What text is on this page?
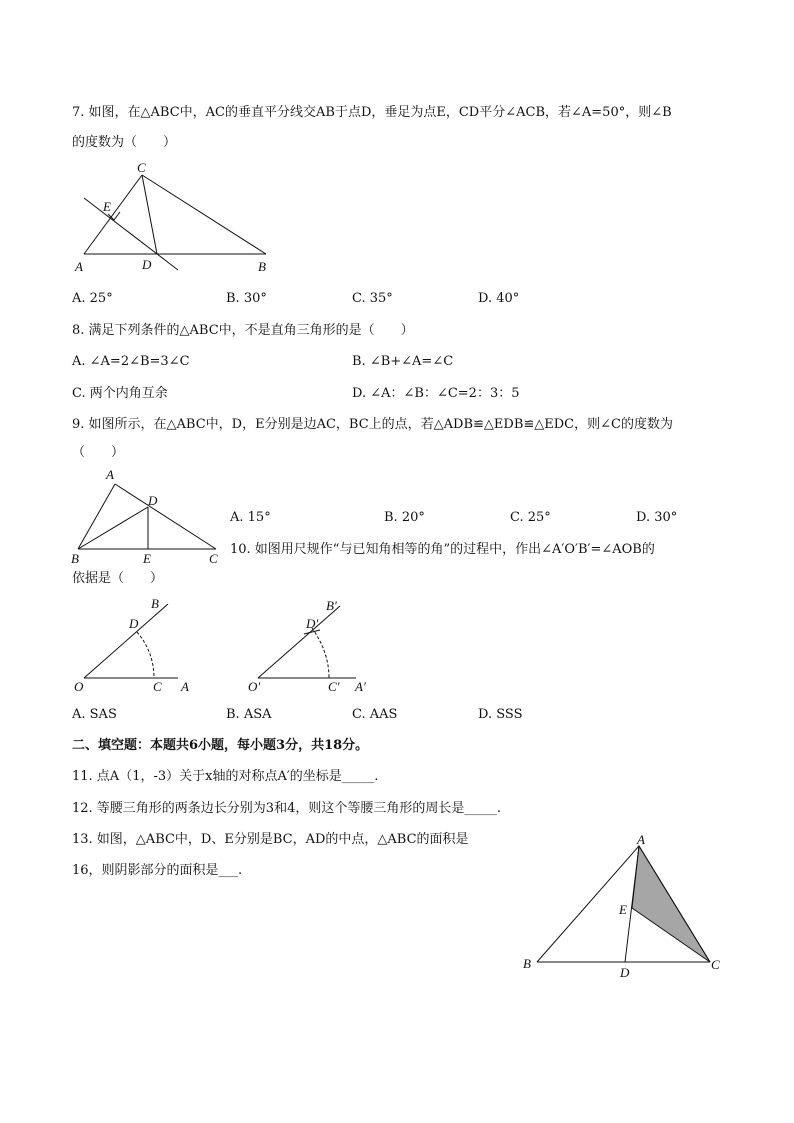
7. 如图，在△ABC中，AC的垂直平分线交AB于点D，垂足为点E，CD平分∠ACB，若∠A=50°，则∠B
的度数为（　　）
C
E
A	D	B
A. 25°	B. 30°	C. 35°	D. 40°
8. 满足下列条件的△ABC中，不是直角三角形的是（　　）
A. ∠A=2∠B=3∠C	B. ∠B+∠A=∠C
C. 两个内角互余	D. ∠A：∠B：∠C=2：3：5
9. 如图所示，在△ABC中，D，E分别是边AC，BC上的点，若△ADB≌△EDB≌△EDC，则∠C的度数为
（　　）
A
D
B	E	C
A. 15°	B. 20°	C. 25°	D. 30°
10. 如图用尺规作“与已知角相等的角”的过程中，作出∠A′O′B′=∠AOB的
依据是（　　）
B
D
O	C A
B′
D′
O′	C′ A′
A. SAS	B. ASA	C. AAS	D. SSS
二、填空题：本题共6小题，每小题3分，共18分。
11. 点A（1，-3）关于x轴的对称点A′的坐标是_____.
12. 等腰三角形的两条边长分别为3和4，则这个等腰三角形的周长是_____.
13. 如图，△ABC中，D、E分别是BC，AD的中点，△ABC的面积是
16，则阴影部分的面积是___.
A
E
B
D
C
